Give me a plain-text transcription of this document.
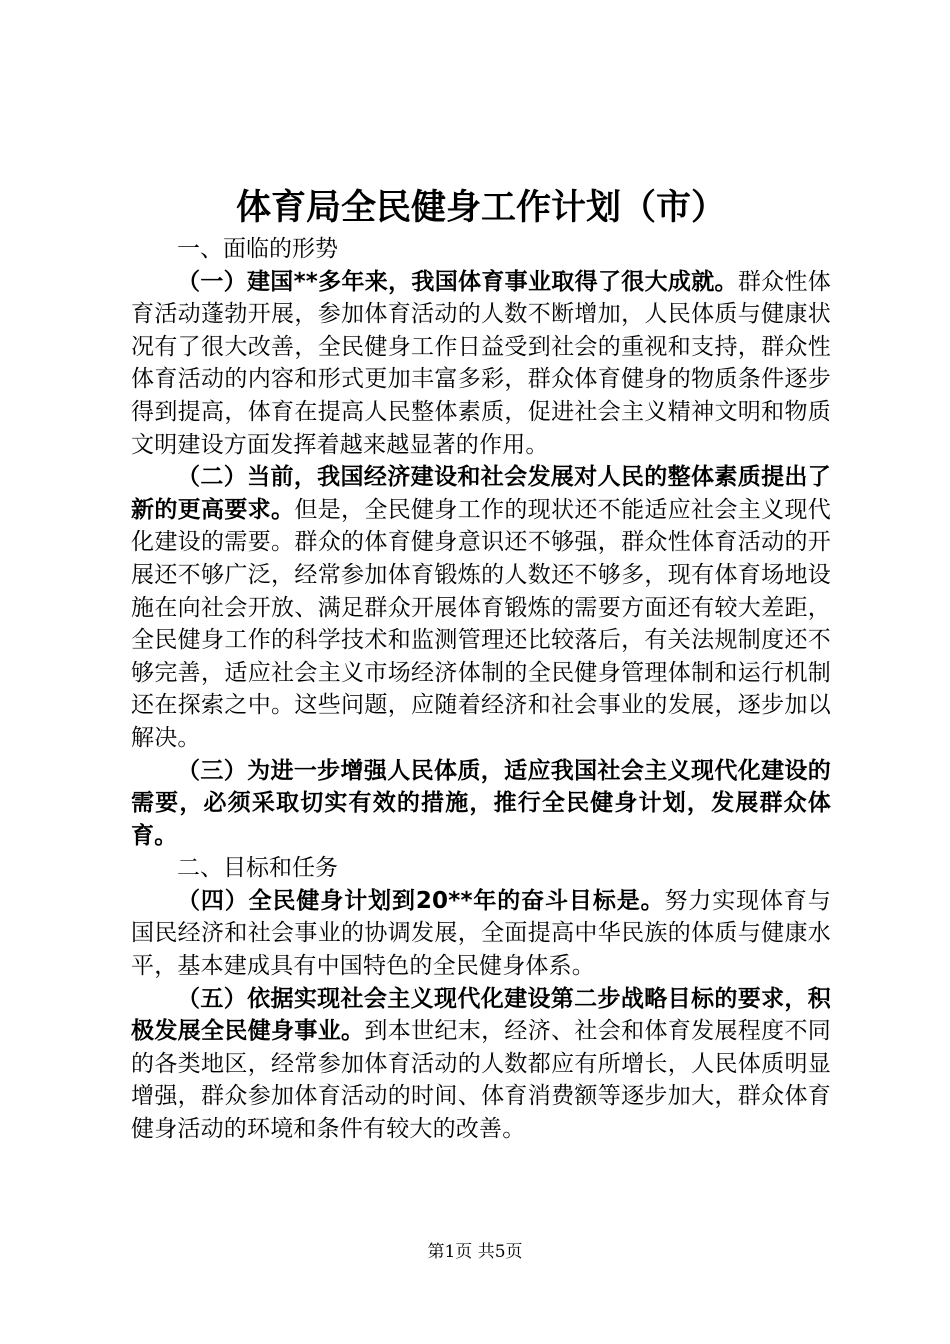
体育局全民健身工作计划（市）
一、面临的形势

（一）建国**多年来，我国体育事业取得了很大成就。群众性体育活动蓬勃开展，参加体育活动的人数不断增加，人民体质与健康状况有了很大改善，全民健身工作日益受到社会的重视和支持，群众性体育活动的内容和形式更加丰富多彩，群众体育健身的物质条件逐步得到提高，体育在提高人民整体素质，促进社会主义精神文明和物质文明建设方面发挥着越来越显著的作用。

（二）当前，我国经济建设和社会发展对人民的整体素质提出了新的更高要求。但是，全民健身工作的现状还不能适应社会主义现代化建设的需要。群众的体育健身意识还不够强，群众性体育活动的开展还不够广泛，经常参加体育锻炼的人数还不够多，现有体育场地设施在向社会开放、满足群众开展体育锻炼的需要方面还有较大差距，全民健身工作的科学技术和监测管理还比较落后，有关法规制度还不够完善，适应社会主义市场经济体制的全民健身管理体制和运行机制还在探索之中。这些问题，应随着经济和社会事业的发展，逐步加以解决。

（三）为进一步增强人民体质，适应我国社会主义现代化建设的需要，必须采取切实有效的措施，推行全民健身计划，发展群众体育。

二、目标和任务

（四）全民健身计划到20**年的奋斗目标是。努力实现体育与国民经济和社会事业的协调发展，全面提高中华民族的体质与健康水平，基本建成具有中国特色的全民健身体系。

（五）依据实现社会主义现代化建设第二步战略目标的要求，积极发展全民健身事业。到本世纪末，经济、社会和体育发展程度不同的各类地区，经常参加体育活动的人数都应有所增长，人民体质明显增强，群众参加体育活动的时间、体育消费额等逐步加大，群众体育健身活动的环境和条件有较大的改善。

第1页 共5页
